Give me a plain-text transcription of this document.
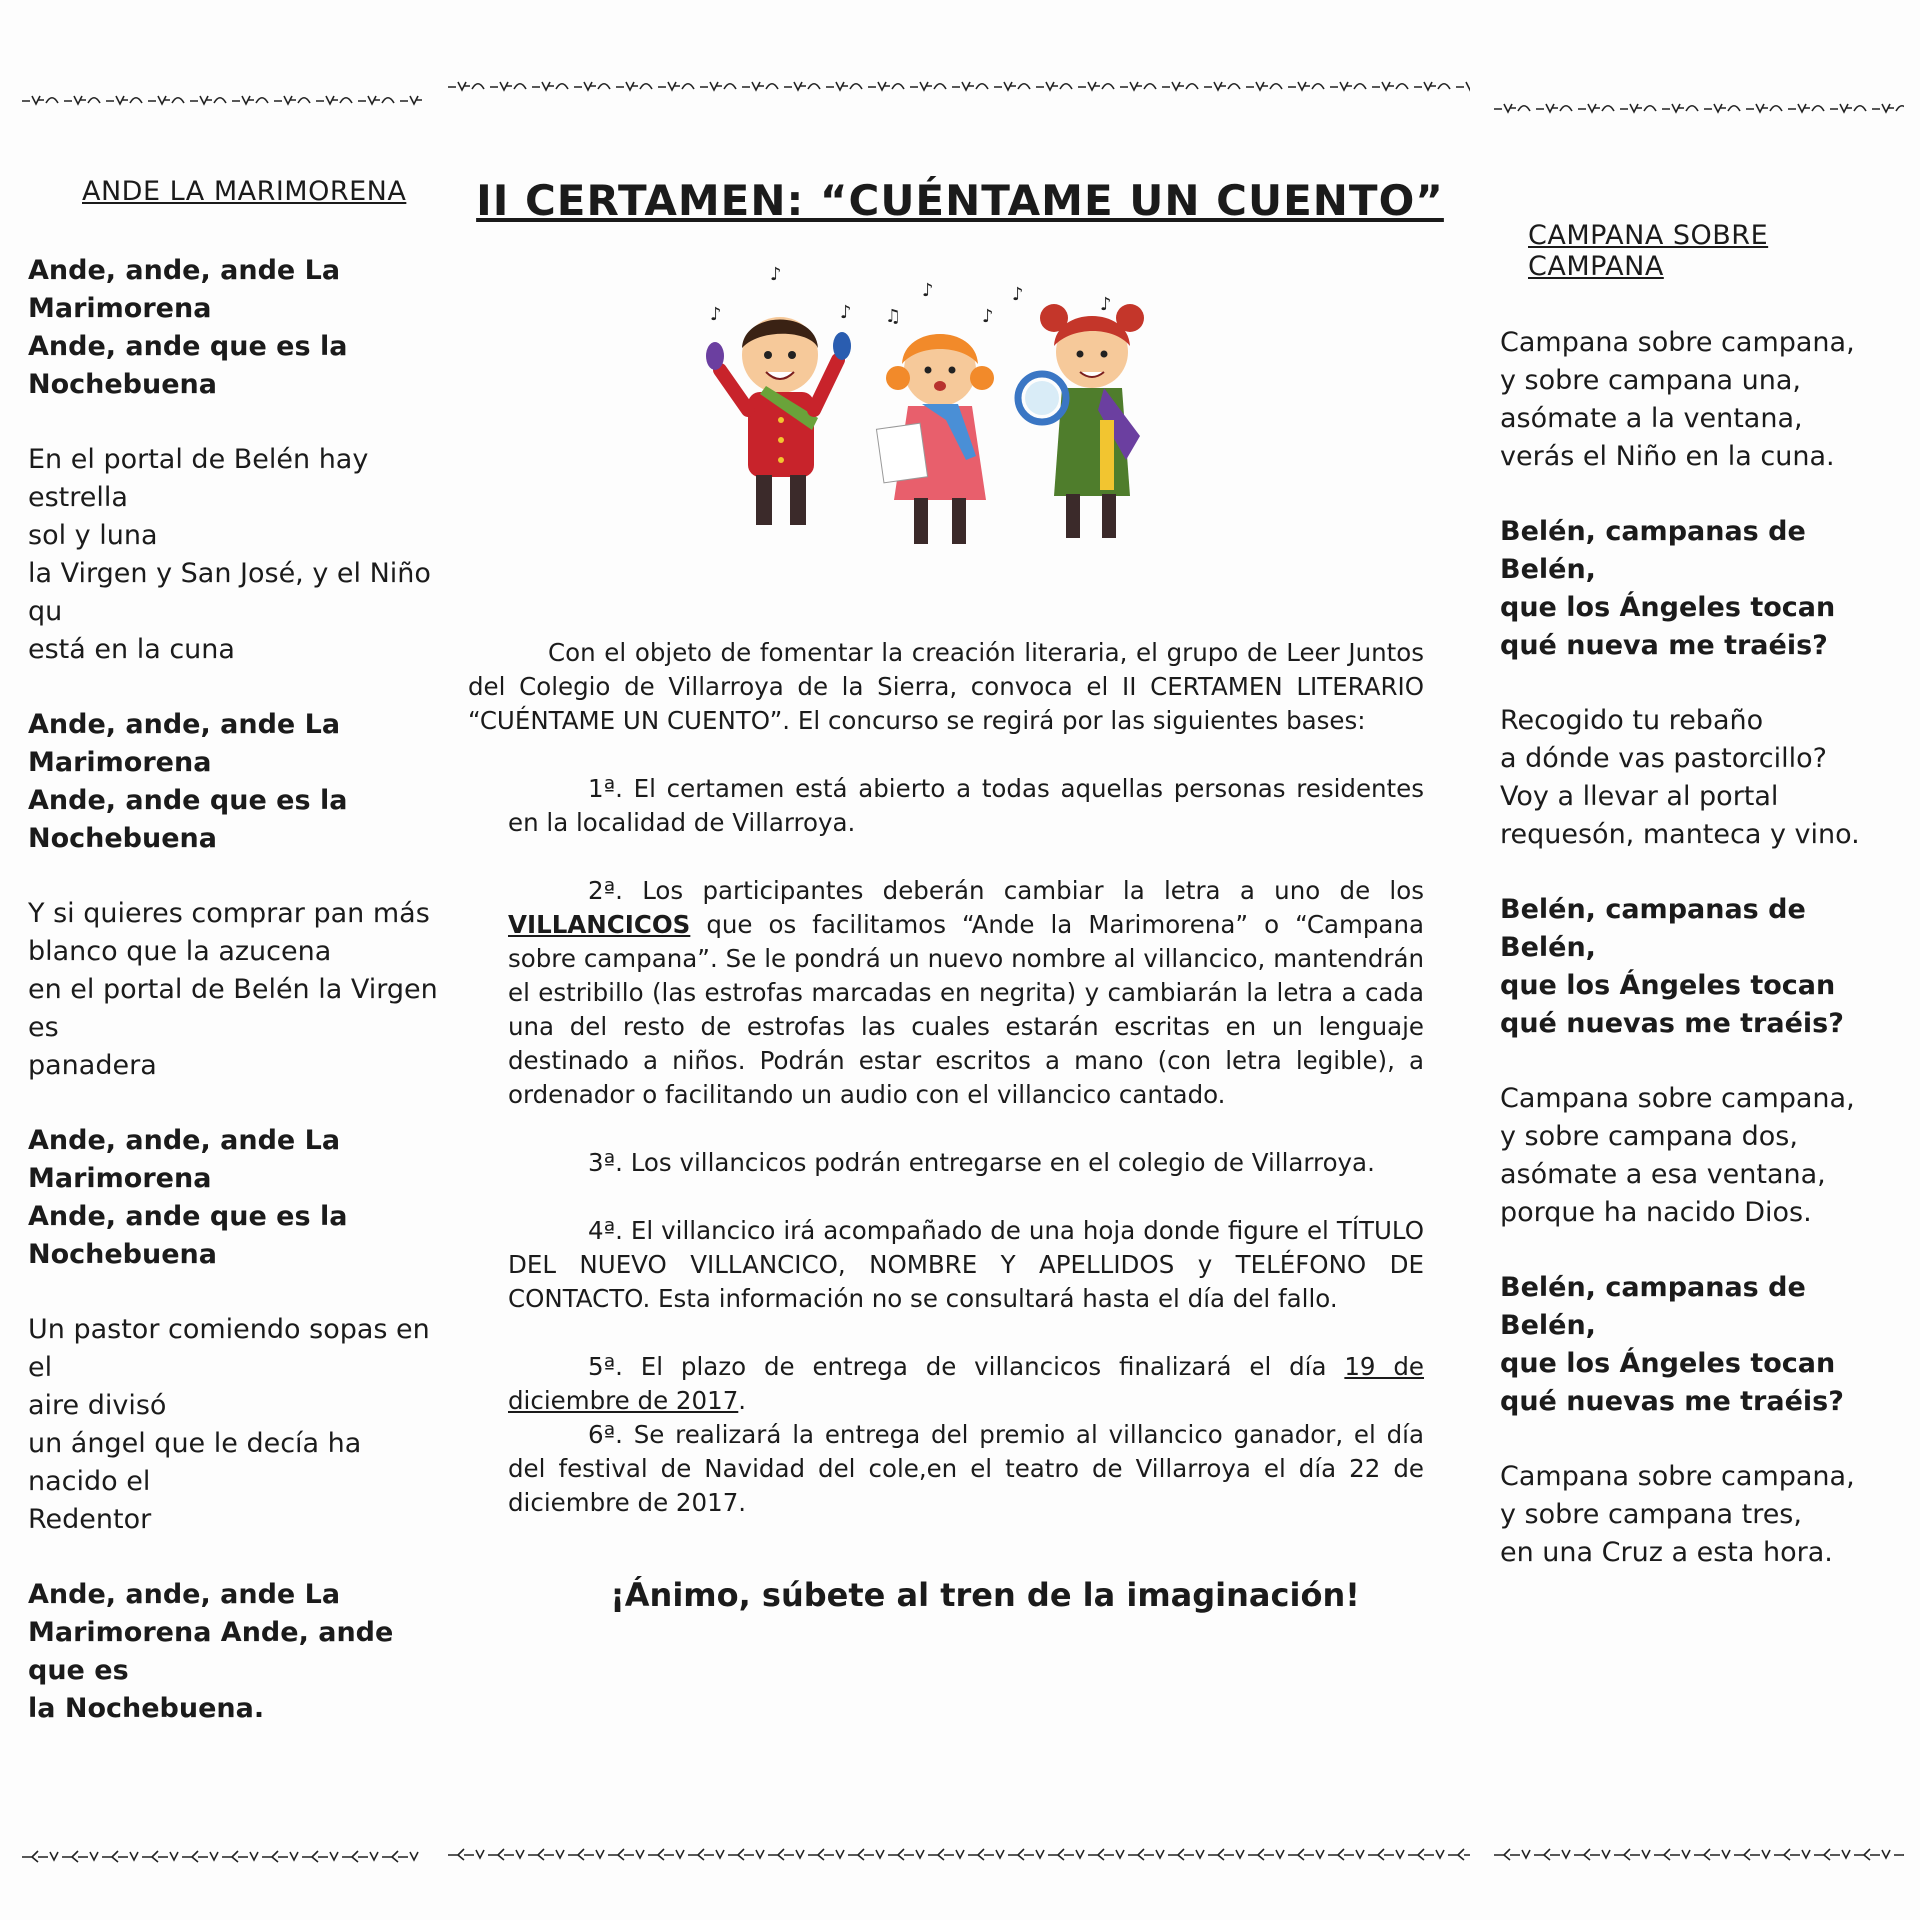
ANDE LA MARIMORENA

Ande, ande, ande La

Marimorena

Ande, ande que es la

Nochebuena

En el portal de Belén hay estrella

sol y luna

la Virgen y San José, y el Niño qu

está en la cuna

Ande, ande, ande La

Marimorena

Ande, ande que es la

Nochebuena

Y si quieres comprar pan más

blanco que la azucena

en el portal de Belén la Virgen es

panadera

Ande, ande, ande La

Marimorena

Ande, ande que es la

Nochebuena

Un pastor comiendo sopas en el

aire divisó

un ángel que le decía ha nacido el

Redentor

Ande, ande, ande La

Marimorena Ande, ande que es

la Nochebuena.

CAMPANA SOBRE CAMPANA

Campana sobre campana,

y sobre campana una,

asómate a la ventana,

verás el Niño en la cuna.

Belén, campanas de Belén,

que los Ángeles tocan

qué nueva me traéis?

Recogido tu rebaño

a dónde vas pastorcillo?

Voy a llevar al portal

requesón, manteca y vino.

Belén, campanas de Belén,

que los Ángeles tocan

qué nuevas me traéis?

Campana sobre campana,

y sobre campana dos,

asómate a esa ventana,

porque ha nacido Dios.

Belén, campanas de Belén,

que los Ángeles tocan

qué nuevas me traéis?

Campana sobre campana,

y sobre campana tres,

en una Cruz a esta hora.

II CERTAMEN: “CUÉNTAME UN CUENTO”
♪
♪	♪ ♫
♪
♪
♪	♪

Con el objeto de fomentar la creación literaria, el grupo de Leer Juntos del Colegio de Villarroya de la Sierra, convoca el II CERTAMEN LITERARIO “CUÉNTAME UN CUENTO”. El concurso se regirá por las siguientes bases:

1ª. El certamen está abierto a todas aquellas personas residentes en la localidad de Villarroya.

2ª. Los participantes deberán cambiar la letra a uno de los VILLANCICOS que os facilitamos “Ande la Marimorena” o “Campana sobre campana”. Se le pondrá un nuevo nombre al villancico, mantendrán el estribillo (las estrofas marcadas en negrita) y cambiarán la letra a cada una del resto de estrofas las cuales estarán escritas en un lenguaje destinado a niños. Podrán estar escritos a mano (con letra legible), a ordenador o facilitando un audio con el villancico cantado.

3ª. Los villancicos podrán entregarse en el colegio de Villarroya.

4ª. El villancico irá acompañado de una hoja donde figure el TÍTULO DEL NUEVO VILLANCICO, NOMBRE Y APELLIDOS y TELÉFONO DE CONTACTO. Esta información no se consultará hasta el día del fallo.

5ª. El plazo de entrega de villancicos finalizará el día 19 de diciembre de 2017.

6ª. Se realizará la entrega del premio al villancico ganador, el día del festival de Navidad del cole,en el teatro de Villarroya el día 22 de diciembre de 2017.

¡Ánimo, súbete al tren de la imaginación!
